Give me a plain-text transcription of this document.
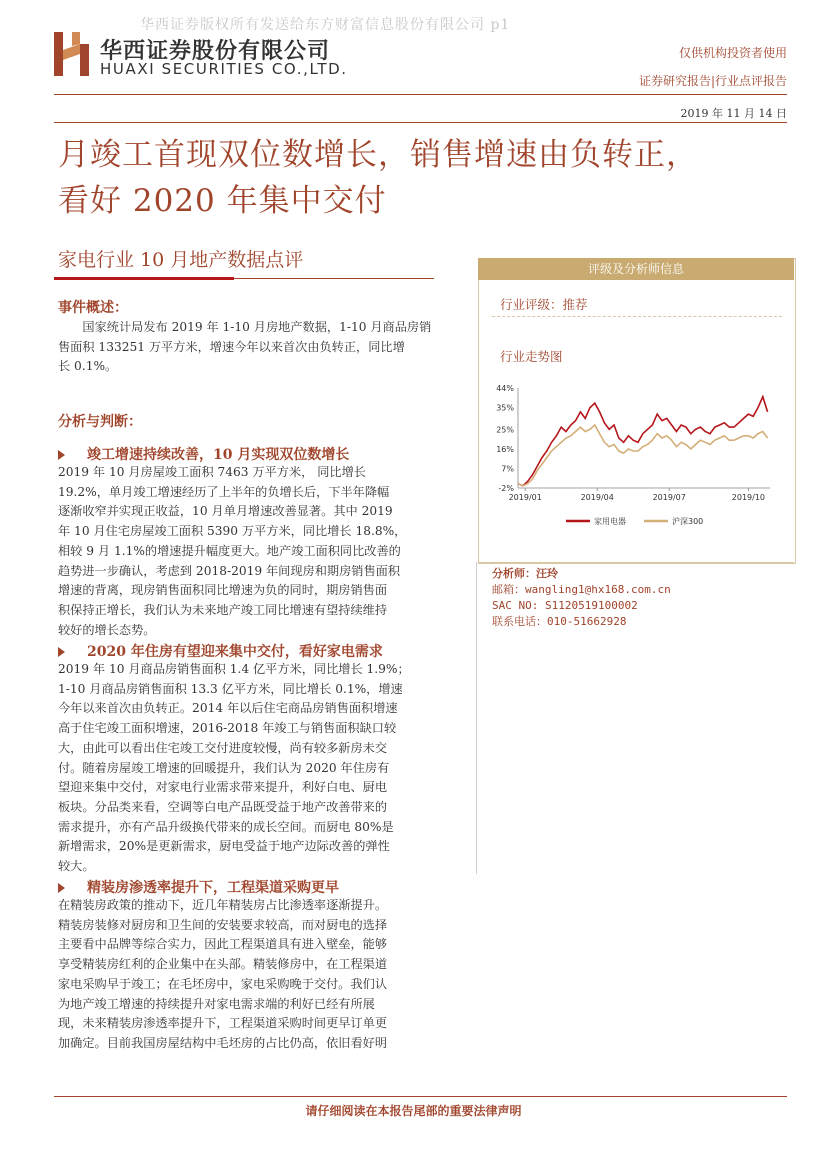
华西证券版权所有发送给东方财富信息股份有限公司 p1
华西证券股份有限公司
HUAXI SECURITIES CO.,LTD.
仅供机构投资者使用
证券研究报告|行业点评报告
2019 年 11 月 14 日
月竣工首现双位数增长，销售增速由负转正，
看好 2020 年集中交付
家电行业 10 月地产数据点评
事件概述：
国家统计局发布 2019 年 1-10 月房地产数据，1-10 月商品房销
售面积 133251 万平方米，增速今年以来首次由负转正，同比增
长 0.1%。
分析与判断：
竣工增速持续改善，10 月实现双位数增长
2019 年 10 月房屋竣工面积 7463 万平方米， 同比增长
19.2%，单月竣工增速经历了上半年的负增长后，下半年降幅
逐渐收窄并实现正收益，10 月单月增速改善显著。其中 2019
年 10 月住宅房屋竣工面积 5390 万平方米，同比增长 18.8%，
相较 9 月 1.1%的增速提升幅度更大。地产竣工面积同比改善的
趋势进一步确认，考虑到 2018-2019 年间现房和期房销售面积
增速的背离，现房销售面积同比增速为负的同时，期房销售面
积保持正增长，我们认为未来地产竣工同比增速有望持续维持
较好的增长态势。
2020 年住房有望迎来集中交付，看好家电需求
2019 年 10 月商品房销售面积 1.4 亿平方米，同比增长 1.9%；
1-10 月商品房销售面积 13.3 亿平方米，同比增长 0.1%，增速
今年以来首次由负转正。2014 年以后住宅商品房销售面积增速
高于住宅竣工面积增速，2016-2018 年竣工与销售面积缺口较
大，由此可以看出住宅竣工交付进度较慢，尚有较多新房未交
付。随着房屋竣工增速的回暖提升，我们认为 2020 年住房有
望迎来集中交付，对家电行业需求带来提升，利好白电、厨电
板块。分品类来看，空调等白电产品既受益于地产改善带来的
需求提升，亦有产品升级换代带来的成长空间。而厨电 80%是
新增需求，20%是更新需求，厨电受益于地产边际改善的弹性
较大。
精装房渗透率提升下，工程渠道采购更早
在精装房政策的推动下，近几年精装房占比渗透率逐渐提升。
精装房装修对厨房和卫生间的安装要求较高，而对厨电的选择
主要看中品牌等综合实力，因此工程渠道具有进入壁垒，能够
享受精装房红利的企业集中在头部。精装修房中，在工程渠道
家电采购早于竣工；在毛坯房中，家电采购晚于交付。我们认
为地产竣工增速的持续提升对家电需求端的利好已经有所展
现，未来精装房渗透率提升下，工程渠道采购时间更早订单更
加确定。目前我国房屋结构中毛坯房的占比仍高，依旧看好明
评级及分析师信息
行业评级：推荐
行业走势图
44%
35%
25%
16%
7%
-2%
2019/01	2019/04	2019/07	2019/10
家用电器	沪深300
分析师：汪玲
邮箱：wangling1@hx168.com.cn
SAC NO: S1120519100002
联系电话：010-51662928
请仔细阅读在本报告尾部的重要法律声明
